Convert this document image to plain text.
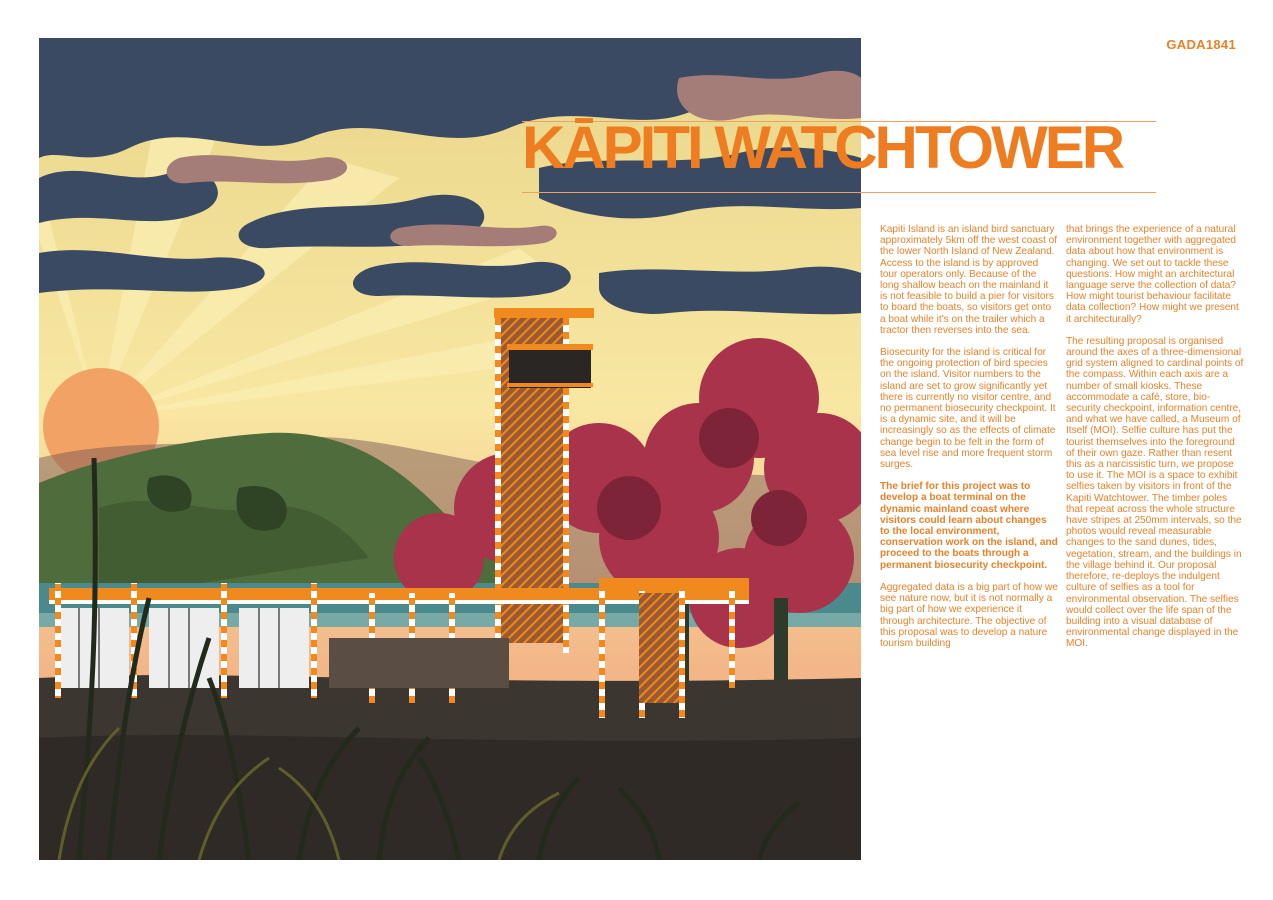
GADA1841
KĀPITI WATCHTOWER

Kapiti Island is an island bird sanctuary approximately 5km off the west coast of the lower North Island of New Zealand. Access to the island is by approved tour operators only. Because of the long shallow beach on the mainland it is not feasible to build a pier for visitors to board the boats, so visitors get onto a boat while it's on the trailer which a tractor then reverses into the sea.

Biosecurity for the island is critical for the ongoing protection of bird species on the island. Visitor numbers to the island are set to grow significantly yet there is currently no visitor centre, and no permanent biosecurity checkpoint. It is a dynamic site, and it will be increasingly so as the effects of climate change begin to be felt in the form of sea level rise and more frequent storm surges.

The brief for this project was to develop a boat terminal on the dynamic mainland coast where visitors could learn about changes to the local environment, conservation work on the island, and proceed to the boats through a permanent biosecurity checkpoint.

Aggregated data is a big part of how we see nature now, but it is not normally a big part of how we experience it through architecture. The objective of this proposal was to develop a nature tourism building

that brings the experience of a natural environment together with aggregated data about how that environment is changing. We set out to tackle these questions: How might an architectural language serve the collection of data? How might tourist behaviour facilitate data collection? How might we present it architecturally?

The resulting proposal is organised around the axes of a three-dimensional grid system aligned to cardinal points of the compass. Within each axis are a number of small kiosks. These accommodate a café, store, bio-security checkpoint, information centre, and what we have called, a Museum of Itself (MOI). Selfie culture has put the tourist themselves into the foreground of their own gaze. Rather than resent this as a narcissistic turn, we propose to use it. The MOI is a space to exhibit selfies taken by visitors in front of the Kapiti Watchtower. The timber poles that repeat across the whole structure have stripes at 250mm intervals, so the photos would reveal measurable changes to the sand dunes, tides, vegetation, stream, and the buildings in the village behind it. Our proposal therefore, re-deploys the indulgent culture of selfies as a tool for environmental observation. The selfies would collect over the life span of the building into a visual database of environmental change displayed in the MOI.
